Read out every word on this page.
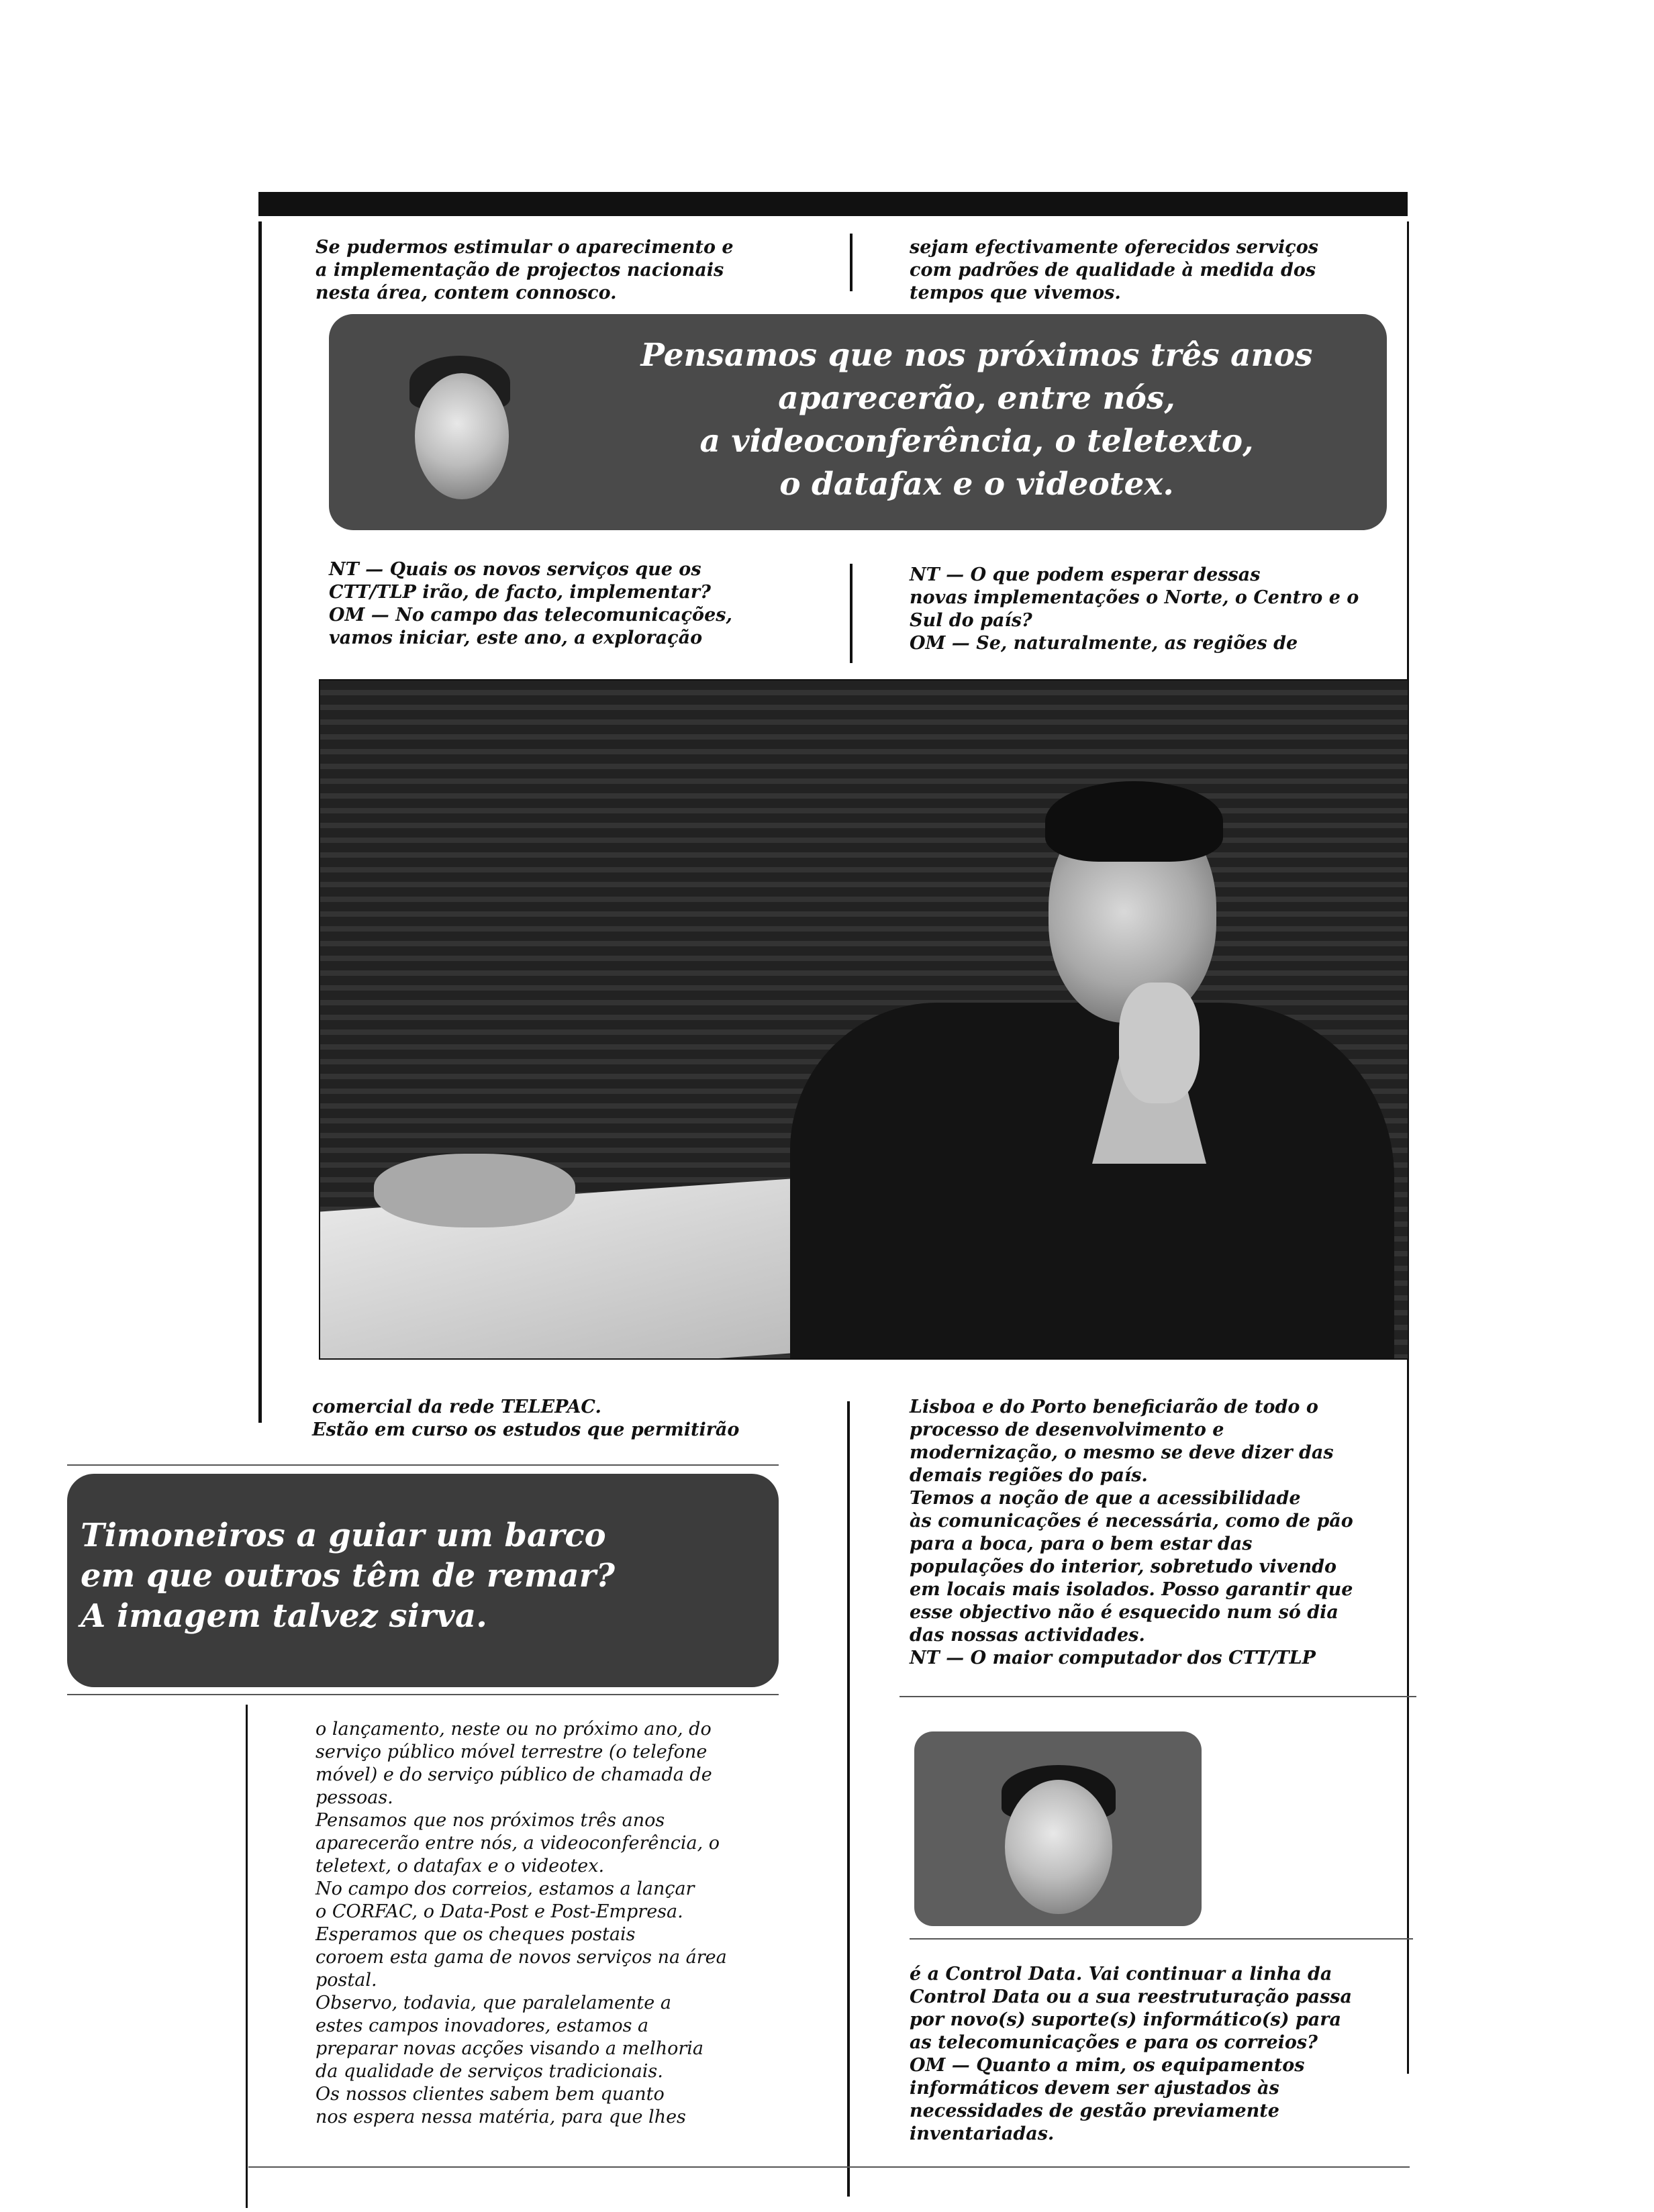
Se pudermos estimular o aparecimento e
a implementação de projectos nacionais
nesta área, contem connosco.
sejam efectivamente oferecidos serviços
com padrões de qualidade à medida dos
tempos que vivemos.
Pensamos que nos próximos três anos
aparecerão, entre nós,
a videoconferência, o teletexto,
o datafax e o videotex.
NT — Quais os novos serviços que os
CTT/TLP irão, de facto, implementar?
OM — No campo das telecomunicações,
vamos iniciar, este ano, a exploração
NT — O que podem esperar dessas
novas implementações o Norte, o Centro e o
Sul do país?
OM — Se, naturalmente, as regiões de
comercial da rede TELEPAC.
Estão em curso os estudos que permitirão
Timoneiros a guiar um barco
em que outros têm de remar?
A imagem talvez sirva.
Lisboa e do Porto beneficiarão de todo o
processo de desenvolvimento e
modernização, o mesmo se deve dizer das
demais regiões do país.
Temos a noção de que a acessibilidade
às comunicações é necessária, como de pão
para a boca, para o bem estar das
populações do interior, sobretudo vivendo
em locais mais isolados. Posso garantir que
esse objectivo não é esquecido num só dia
das nossas actividades.
NT — O maior computador dos CTT/TLP
o lançamento, neste ou no próximo ano, do
serviço público móvel terrestre (o telefone
móvel) e do serviço público de chamada de
pessoas.
Pensamos que nos próximos três anos
aparecerão entre nós, a videoconferência, o
teletext, o datafax e o videotex.
No campo dos correios, estamos a lançar
o CORFAC, o Data-Post e Post-Empresa.
Esperamos que os cheques postais
coroem esta gama de novos serviços na área
postal.
Observo, todavia, que paralelamente a
estes campos inovadores, estamos a
preparar novas acções visando a melhoria
da qualidade de serviços tradicionais.
Os nossos clientes sabem bem quanto
nos espera nessa matéria, para que lhes
é a Control Data. Vai continuar a linha da
Control Data ou a sua reestruturação passa
por novo(s) suporte(s) informático(s) para
as telecomunicações e para os correios?
OM — Quanto a mim, os equipamentos
informáticos devem ser ajustados às
necessidades de gestão previamente
inventariadas.
